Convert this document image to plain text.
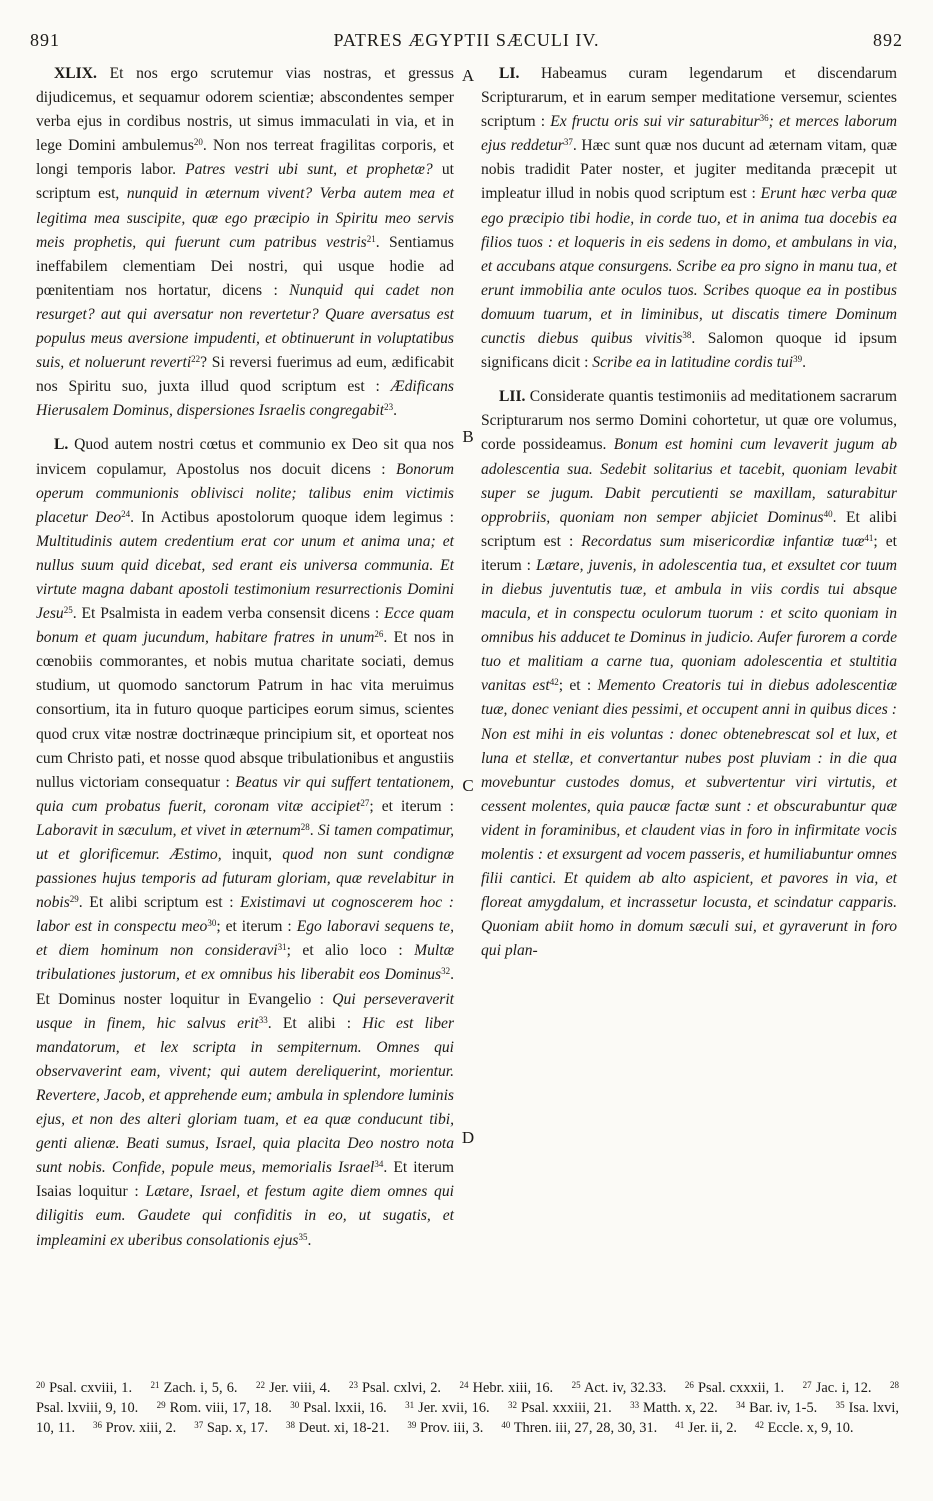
891	PATRES ÆGYPTII SÆCULI IV.	892
A
B
C
D

XLIX. Et nos ergo scrutemur vias nostras, et gressus dijudicemus, et sequamur odorem scientiæ; abscondentes semper verba ejus in cordibus nostris, ut simus immaculati in via, et in lege Domini ambulemus$^{20}$. Non nos terreat fragilitas corporis, et longi temporis labor. Patres vestri ubi sunt, et prophetæ? ut scriptum est, nunquid in æternum vivent? Verba autem mea et legitima mea suscipite, quæ ego præcipio in Spiritu meo servis meis prophetis, qui fuerunt cum patribus vestris$^{21}$. Sentiamus ineffabilem clementiam Dei nostri, qui usque hodie ad pœnitentiam nos hortatur, dicens : Nunquid qui cadet non resurget? aut qui aversatur non revertetur? Quare aversatus est populus meus aversione impudenti, et obtinuerunt in voluptatibus suis, et noluerunt reverti$^{22}$? Si reversi fuerimus ad eum, ædificabit nos Spiritu suo, juxta illud quod scriptum est : Ædificans Hierusalem Dominus, dispersiones Israelis congregabit$^{23}$.

L. Quod autem nostri cœtus et communio ex Deo sit qua nos invicem copulamur, Apostolus nos docuit dicens : Bonorum operum communionis oblivisci nolite; talibus enim victimis placetur Deo$^{24}$. In Actibus apostolorum quoque idem legimus : Multitudinis autem credentium erat cor unum et anima una; et nullus suum quid dicebat, sed erant eis universa communia. Et virtute magna dabant apostoli testimonium resurrectionis Domini Jesu$^{25}$. Et Psalmista in eadem verba consensit dicens : Ecce quam bonum et quam jucundum, habitare fratres in unum$^{26}$. Et nos in cœnobiis commorantes, et nobis mutua charitate sociati, demus studium, ut quomodo sanctorum Patrum in hac vita meruimus consortium, ita in futuro quoque participes eorum simus, scientes quod crux vitæ nostræ doctrinæque principium sit, et oporteat nos cum Christo pati, et nosse quod absque tribulationibus et angustiis nullus victoriam consequatur : Beatus vir qui suffert tentationem, quia cum probatus fuerit, coronam vitæ accipiet$^{27}$; et iterum : Laboravit in sæculum, et vivet in æternum$^{28}$. Si tamen compatimur, ut et glorificemur. Æstimo, inquit, quod non sunt condignæ passiones hujus temporis ad futuram gloriam, quæ revelabitur in nobis$^{29}$. Et alibi scriptum est : Existimavi ut cognoscerem hoc : labor est in conspectu meo$^{30}$; et iterum : Ego laboravi sequens te, et diem hominum non consideravi$^{31}$; et alio loco : Multæ tribulationes justorum, et ex omnibus his liberabit eos Dominus$^{32}$. Et Dominus noster loquitur in Evangelio : Qui perseveraverit usque in finem, hic salvus erit$^{33}$. Et alibi : Hic est liber mandatorum, et lex scripta in sempiternum. Omnes qui observaverint eam, vivent; qui autem dereliquerint, morientur. Revertere, Jacob, et apprehende eum; ambula in splendore luminis ejus, et non des alteri gloriam tuam, et ea quæ conducunt tibi, genti alienæ. Beati sumus, Israel, quia placita Deo nostro nota sunt nobis. Confide, popule meus, memorialis Israel$^{34}$. Et iterum Isaias loquitur : Lætare, Israel, et festum agite diem omnes qui diligitis eum. Gaudete qui confiditis in eo, ut sugatis, et impleamini ex uberibus consolationis ejus$^{35}$.

LI. Habeamus curam legendarum et discendarum Scripturarum, et in earum semper meditatione versemur, scientes scriptum : Ex fructu oris sui vir saturabitur$^{36}$; et merces laborum ejus reddetur$^{37}$. Hæc sunt quæ nos ducunt ad æternam vitam, quæ nobis tradidit Pater noster, et jugiter meditanda præcepit ut impleatur illud in nobis quod scriptum est : Erunt hæc verba quæ ego præcipio tibi hodie, in corde tuo, et in anima tua docebis ea filios tuos : et loqueris in eis sedens in domo, et ambulans in via, et accubans atque consurgens. Scribe ea pro signo in manu tua, et erunt immobilia ante oculos tuos. Scribes quoque ea in postibus domuum tuarum, et in liminibus, ut discatis timere Dominum cunctis diebus quibus vivitis$^{38}$. Salomon quoque id ipsum significans dicit : Scribe ea in latitudine cordis tui$^{39}$.

LII. Considerate quantis testimoniis ad meditationem sacrarum Scripturarum nos sermo Domini cohortetur, ut quæ ore volumus, corde possideamus. Bonum est homini cum levaverit jugum ab adolescentia sua. Sedebit solitarius et tacebit, quoniam levabit super se jugum. Dabit percutienti se maxillam, saturabitur opprobriis, quoniam non semper abjiciet Dominus$^{40}$. Et alibi scriptum est : Recordatus sum misericordiæ infantiæ tuæ$^{41}$; et iterum : Lætare, juvenis, in adolescentia tua, et exsultet cor tuum in diebus juventutis tuæ, et ambula in viis cordis tui absque macula, et in conspectu oculorum tuorum : et scito quoniam in omnibus his adducet te Dominus in judicio. Aufer furorem a corde tuo et malitiam a carne tua, quoniam adolescentia et stultitia vanitas est$^{42}$; et : Memento Creatoris tui in diebus adolescentiæ tuæ, donec veniant dies pessimi, et occupent anni in quibus dices : Non est mihi in eis voluntas : donec obtenebrescat sol et lux, et luna et stellæ, et convertantur nubes post pluviam : in die qua movebuntur custodes domus, et subvertentur viri virtutis, et cessent molentes, quia paucæ factæ sunt : et obscurabuntur quæ vident in foraminibus, et claudent vias in foro in infirmitate vocis molentis : et exsurgent ad vocem passeris, et humiliabuntur omnes filii cantici. Et quidem ab alto aspicient, et pavores in via, et floreat amygdalum, et incrassetur locusta, et scindatur capparis. Quoniam abiit homo in domum sæculi sui, et gyraverunt in foro qui plan-

$^{20}$ Psal. cxviii, 1.   $^{21}$ Zach. i, 5, 6.   $^{22}$ Jer. viii, 4.   $^{23}$ Psal. cxlvi, 2.   $^{24}$ Hebr. xiii, 16.   $^{25}$ Act. iv, 32.33.   $^{26}$ Psal. cxxxii, 1.   $^{27}$ Jac. i, 12.   $^{28}$ Psal. lxviii, 9, 10.   $^{29}$ Rom. viii, 17, 18.   $^{30}$ Psal. lxxii, 16.   $^{31}$ Jer. xvii, 16.   $^{32}$ Psal. xxxiii, 21.   $^{33}$ Matth. x, 22.   $^{34}$ Bar. iv, 1-5.   $^{35}$ Isa. lxvi, 10, 11.   $^{36}$ Prov. xiii, 2.   $^{37}$ Sap. x, 17.   $^{38}$ Deut. xi, 18-21.   $^{39}$ Prov. iii, 3.   $^{40}$ Thren. iii, 27, 28, 30, 31.   $^{41}$ Jer. ii, 2.   $^{42}$ Eccle. x, 9, 10.
